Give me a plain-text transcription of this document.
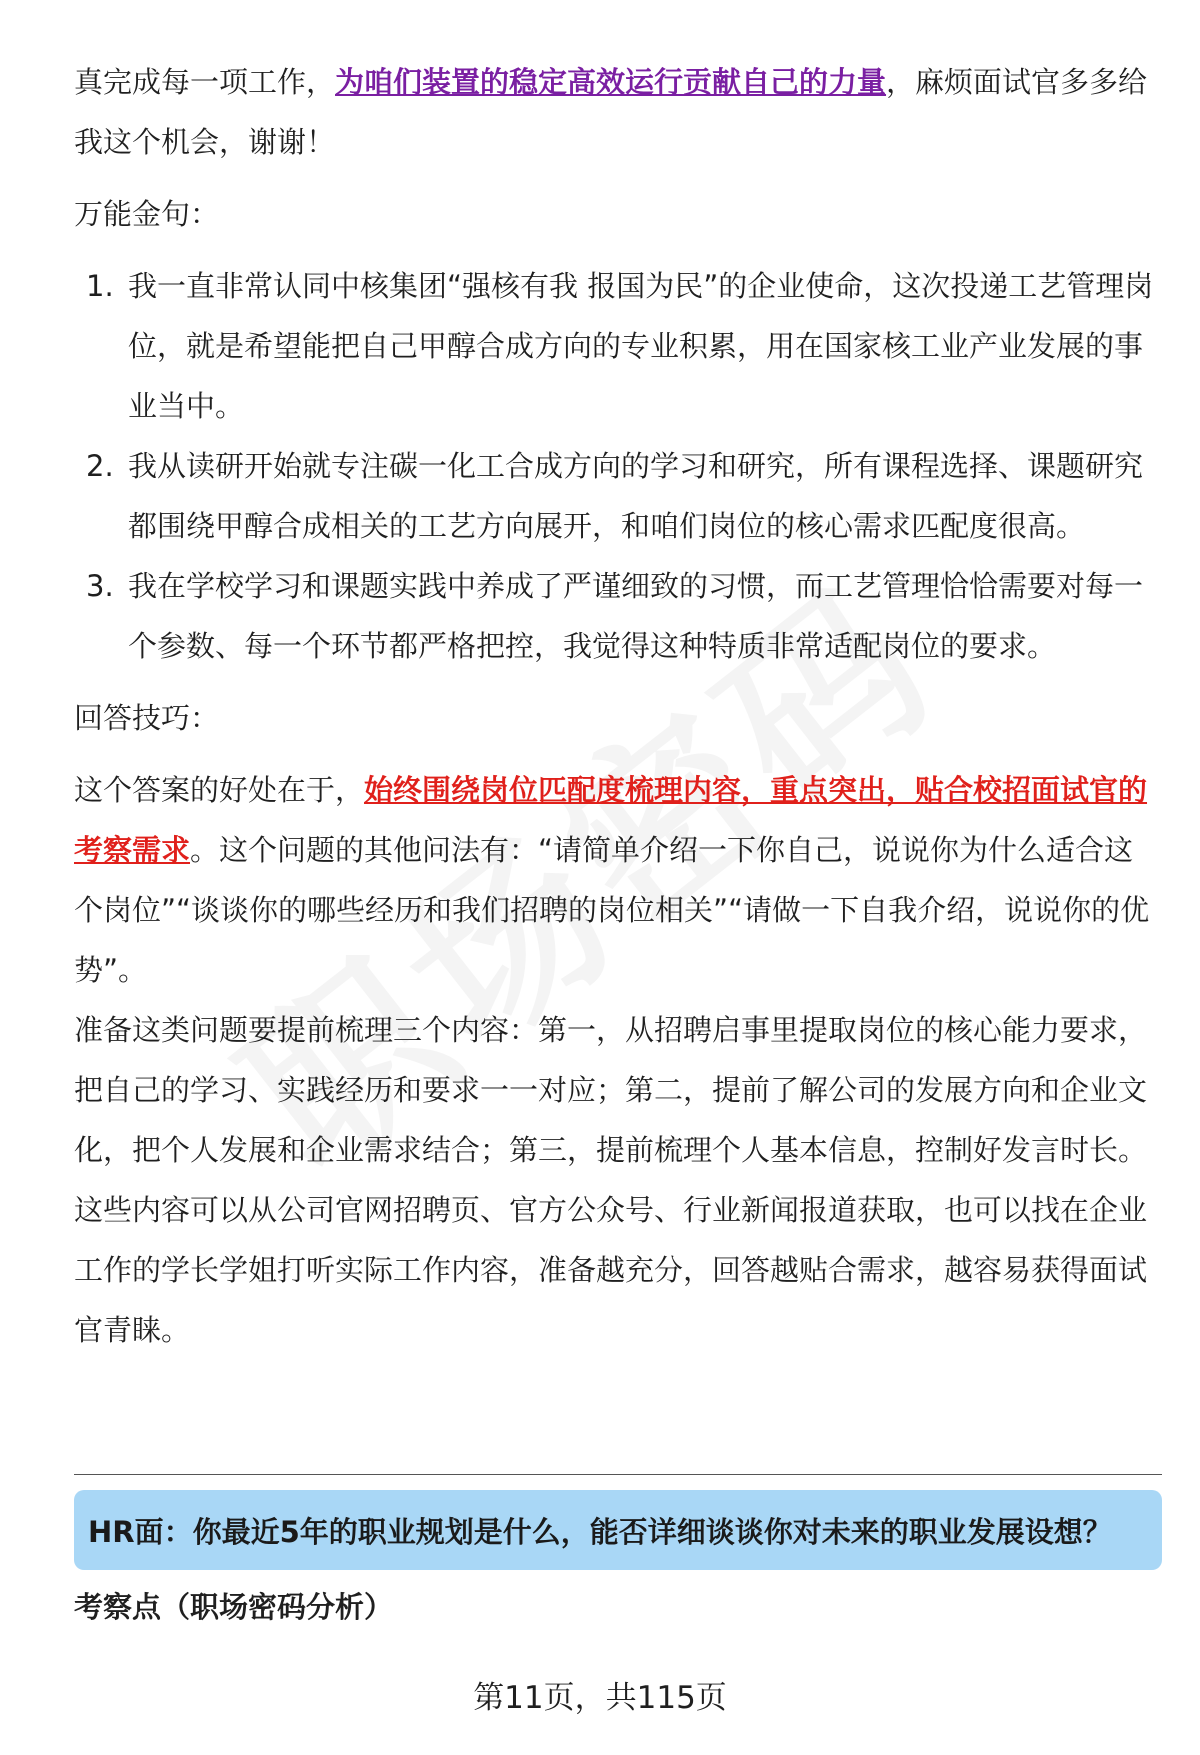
真完成每一项工作，为咱们装置的稳定高效运行贡献自己的力量，麻烦面试官多多给我这个机会，谢谢！

万能金句：

1. 我一直非常认同中核集团“强核有我 报国为民”的企业使命，这次投递工艺管理岗位，就是希望能把自己甲醇合成方向的专业积累，用在国家核工业产业发展的事业当中。
2. 我从读研开始就专注碳一化工合成方向的学习和研究，所有课程选择、课题研究都围绕甲醇合成相关的工艺方向展开，和咱们岗位的核心需求匹配度很高。
3. 我在学校学习和课题实践中养成了严谨细致的习惯，而工艺管理恰恰需要对每一个参数、每一个环节都严格把控，我觉得这种特质非常适配岗位的要求。

回答技巧：

这个答案的好处在于，始终围绕岗位匹配度梳理内容，重点突出，贴合校招面试官的考察需求。这个问题的其他问法有：“请简单介绍一下你自己，说说你为什么适合这个岗位”“谈谈你的哪些经历和我们招聘的岗位相关”“请做一下自我介绍，说说你的优势”。

准备这类问题要提前梳理三个内容：第一，从招聘启事里提取岗位的核心能力要求，把自己的学习、实践经历和要求一一对应；第二，提前了解公司的发展方向和企业文化，把个人发展和企业需求结合；第三，提前梳理个人基本信息，控制好发言时长。这些内容可以从公司官网招聘页、官方公众号、行业新闻报道获取，也可以找在企业工作的学长学姐打听实际工作内容，准备越充分，回答越贴合需求，越容易获得面试官青睐。

HR面：你最近5年的职业规划是什么，能否详细谈谈你对未来的职业发展设想？
考察点（职场密码分析）
第11页，共115页
